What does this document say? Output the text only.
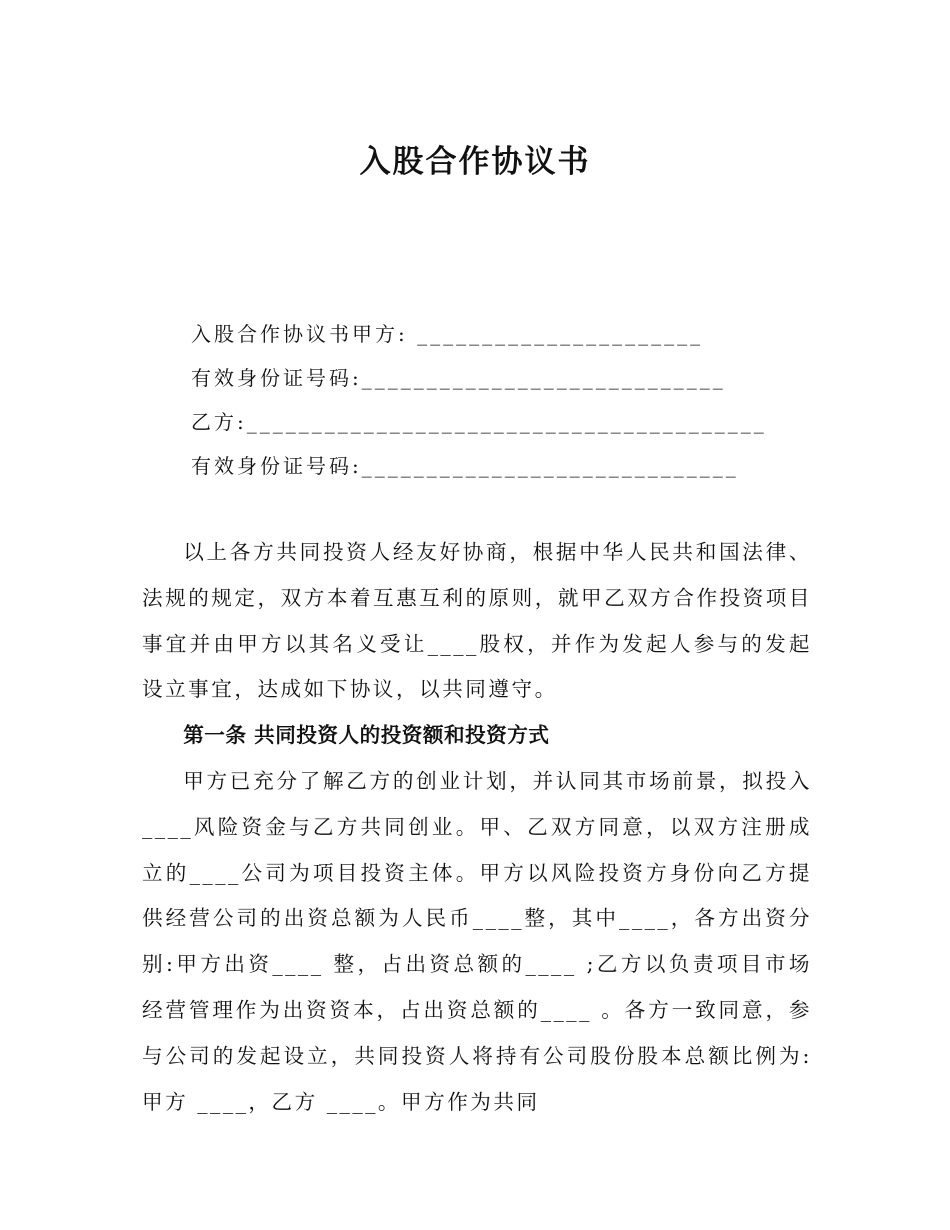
入股合作协议书
入股合作协议书甲方: ______________________
有效身份证号码:____________________________
乙方:________________________________________
有效身份证号码:_____________________________

以上各方共同投资人经友好协商，根据中华人民共和国法律、法规的规定，双方本着互惠互利的原则，就甲乙双方合作投资项目事宜并由甲方以其名义受让____股权，并作为发起人参与的发起设立事宜，达成如下协议，以共同遵守。

第一条 共同投资人的投资额和投资方式

甲方已充分了解乙方的创业计划，并认同其市场前景，拟投入____风险资金与乙方共同创业。甲、乙双方同意，以双方注册成立的____公司为项目投资主体。甲方以风险投资方身份向乙方提供经营公司的出资总额为人民币____整，其中____，各方出资分别:甲方出资____ 整，占出资总额的____ ;乙方以负责项目市场经营管理作为出资资本，占出资总额的____ 。各方一致同意，参与公司的发起设立，共同投资人将持有公司股份股本总额比例为:甲方 ____，乙方 ____。甲方作为共同
